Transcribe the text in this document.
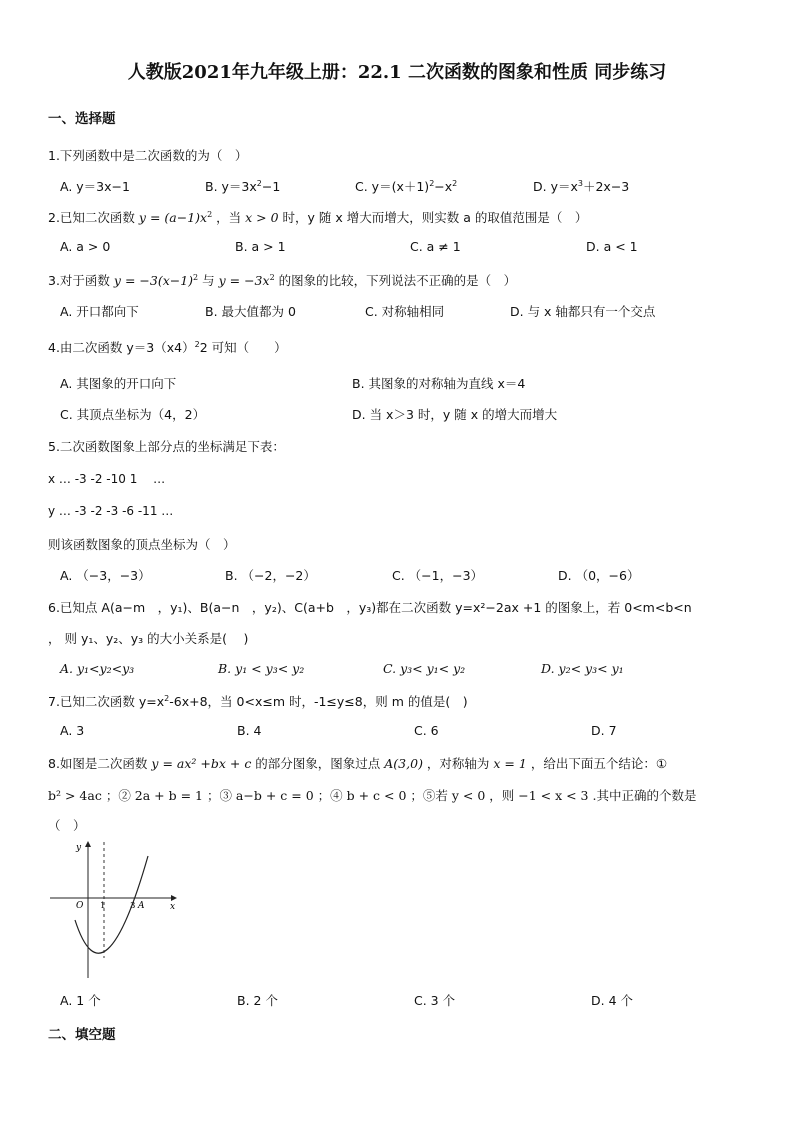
人教版2021年九年级上册：22.1 二次函数的图象和性质 同步练习
一、选择题
1.下列函数中是二次函数的为（　）
A. y＝3x−1	B. $y=3x^2-1$	C. $y=(x+1)^2-x^2$	D. $y=x^3+2x-3$
2.已知二次函数 $y = (a-1)x^2$ ，当 x > 0 时，y 随 x 增大而增大，则实数 a 的取值范围是（　）
A. a > 0	B. a > 1	C. a ≠ 1	D. a < 1
3.对于函数 $y = -3(x-1)^2$ 与 $y = -3x^2$ 的图象的比较，下列说法不正确的是（　）
A. 开口都向下	B. 最大值都为 0	C. 对称轴相同	D. 与 x 轴都只有一个交点
4.由二次函数 $y=3(x4)^22$ 可知（　　）
A. 其图象的开口向下	B. 其图象的对称轴为直线 x＝4
C. 其顶点坐标为（4，2）	D. 当 x＞3 时，y 随 x 的增大而增大
5.二次函数图象上部分点的坐标满足下表：
x … -3 -2 -10 1 　…
y … -3 -2 -3 -6 -11 …
则该函数图象的顶点坐标为（　）
A. （−3，−3）	B. （−2，−2）	C. （−1，−3）	D. （0，−6）
6.已知点 A(a−m　，y₁)、B(a−n　，y₂)、C(a+b　，y₃)都在二次函数 y=x²−2ax +1 的图象上，若 0<m<b<n
， 则 y₁、y₂、y₃ 的大小关系是(　 )
A. y₁<y₂<y₃	B. y₁ < y₃< y₂	C. y₃< y₁< y₂	D. y₂< y₃< y₁
7.已知二次函数 $y=x^2-6x+8$，当 0<x≤m 时，-1≤y≤8，则 m 的值是(　)
A. 3	B. 4	C. 6	D. 7
8.如图是二次函数 y = ax² +bx + c 的部分图象，图象过点 A(3,0) ，对称轴为 x = 1 ，给出下面五个结论：①
b² > 4ac ；② 2a + b = 1 ；③ a−b + c = 0 ；④ b + c < 0 ；⑤若 y < 0 ，则 −1 < x < 3 .其中正确的个数是
（　）
y
x
O 1	3 A
A. 1 个	B. 2 个	C. 3 个	D. 4 个
二、填空题
